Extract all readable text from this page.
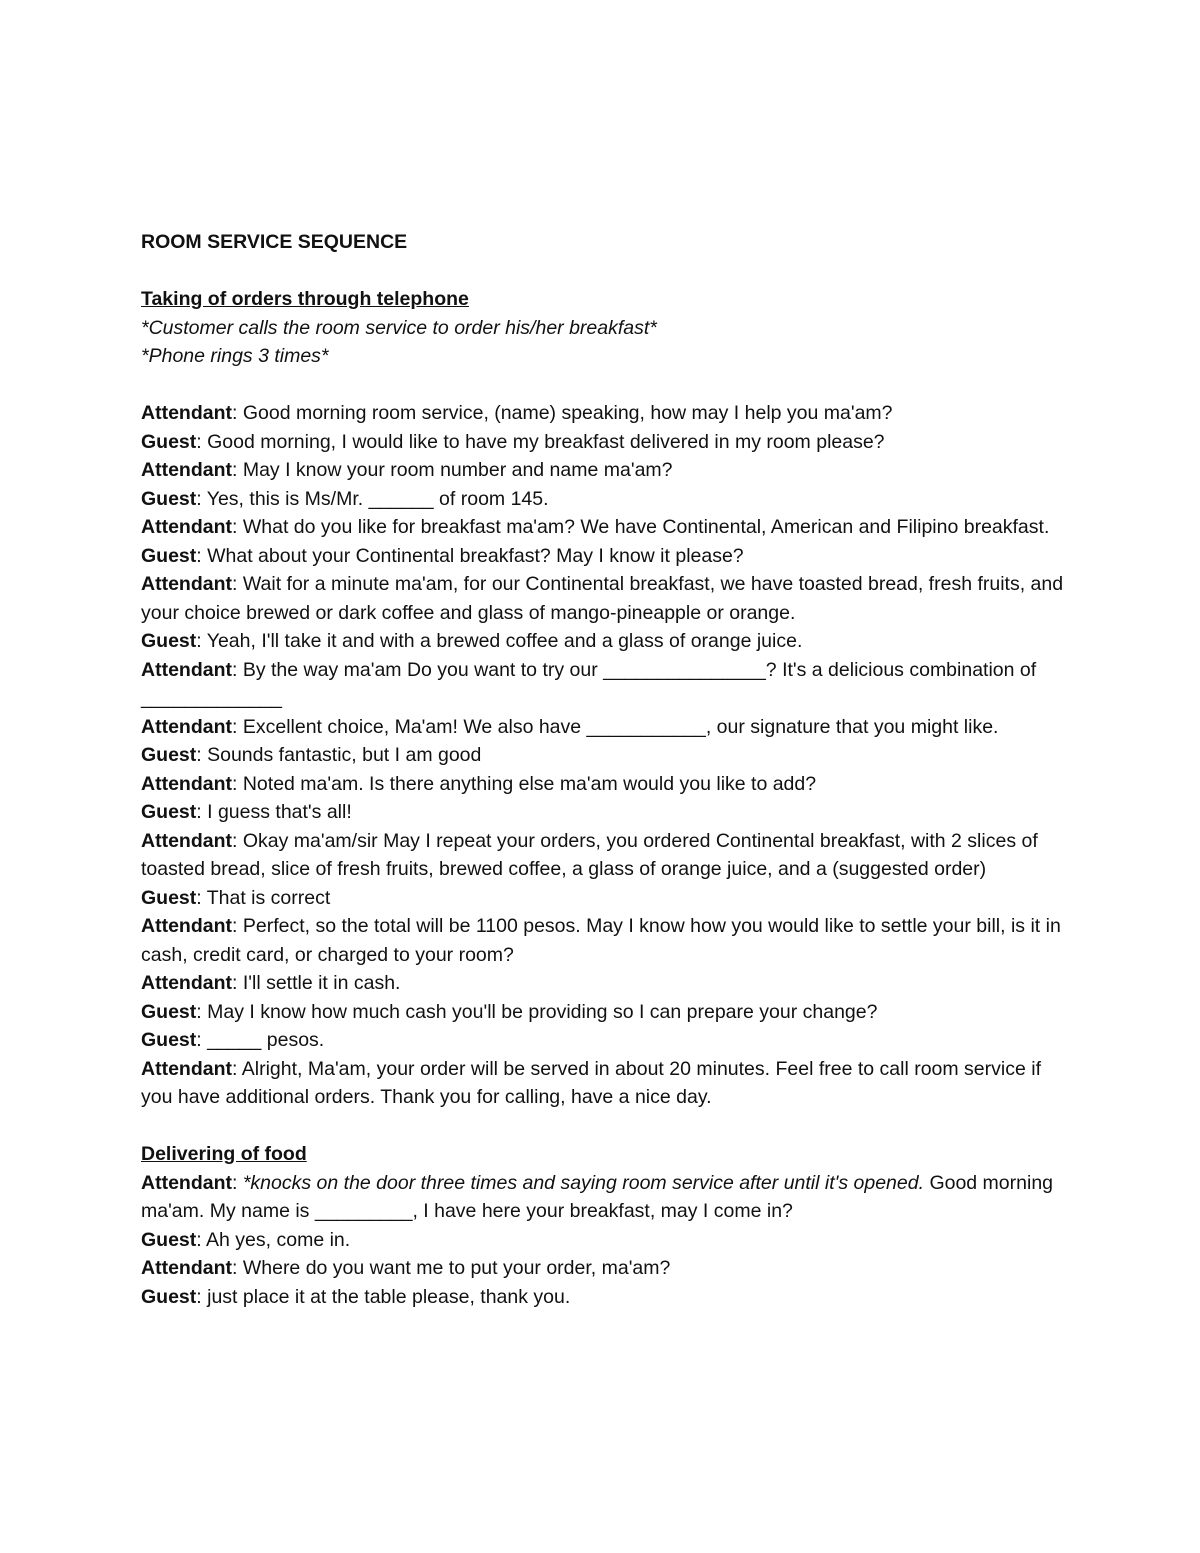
ROOM SERVICE SEQUENCE

Taking of orders through telephone

*Customer calls the room service to order his/her breakfast*

*Phone rings 3 times*

Attendant: Good morning room service, (name) speaking, how may I help you ma'am?

Guest: Good morning, I would like to have my breakfast delivered in my room please?

Attendant: May I know your room number and name ma'am?

Guest: Yes, this is Ms/Mr. ______ of room 145.

Attendant: What do you like for breakfast ma'am? We have Continental, American and Filipino breakfast.

Guest: What about your Continental breakfast? May I know it please?

Attendant: Wait for a minute ma'am, for our Continental breakfast, we have toasted bread, fresh fruits, and your choice brewed or dark coffee and glass of mango-pineapple or orange.

Guest: Yeah, I'll take it and with a brewed coffee and a glass of orange juice.

Attendant: By the way ma'am Do you want to try our _______________? It's a delicious combination of _____________

Attendant: Excellent choice, Ma'am! We also have ___________, our signature that you might like.

Guest: Sounds fantastic, but I am good

Attendant: Noted ma'am. Is there anything else ma'am would you like to add?

Guest: I guess that's all!

Attendant: Okay ma'am/sir May I repeat your orders, you ordered Continental breakfast, with 2 slices of toasted bread, slice of fresh fruits, brewed coffee, a glass of orange juice, and a (suggested order)

Guest: That is correct

Attendant: Perfect, so the total will be 1100 pesos. May I know how you would like to settle your bill, is it in cash, credit card, or charged to your room?

Attendant: I'll settle it in cash.

Guest: May I know how much cash you'll be providing so I can prepare your change?

Guest: _____ pesos.

Attendant: Alright, Ma'am, your order will be served in about 20 minutes. Feel free to call room service if you have additional orders. Thank you for calling, have a nice day.

Delivering of food

Attendant: *knocks on the door three times and saying room service after until it's opened. Good morning ma'am. My name is _________, I have here your breakfast, may I come in?

Guest: Ah yes, come in.

Attendant: Where do you want me to put your order, ma'am?

Guest: just place it at the table please, thank you.
